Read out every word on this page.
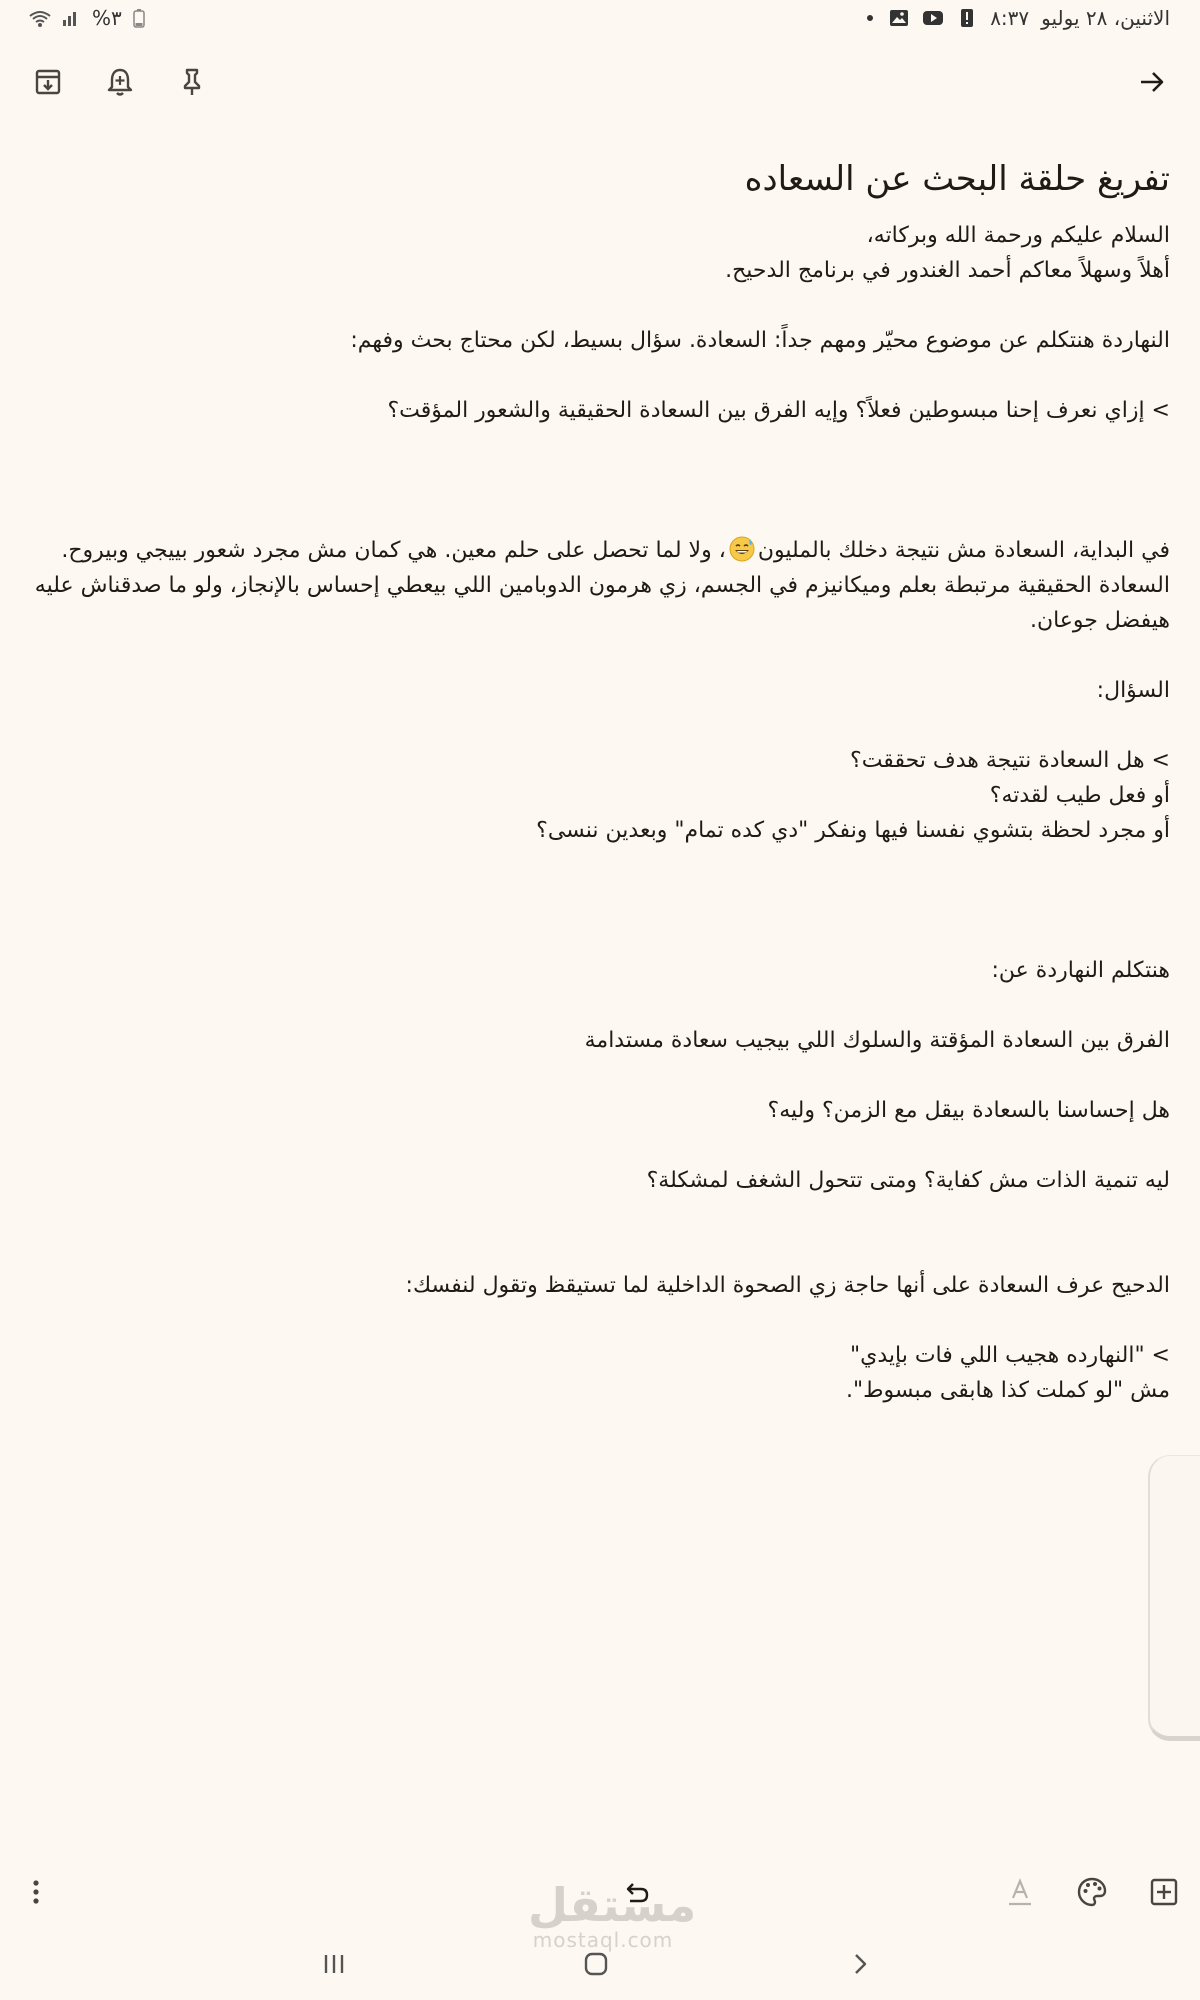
الاثنين، ٢٨ يوليو
٨:٣٧
%٣
تفريغ حلقة البحث عن السعاده

السلام عليكم ورحمة الله وبركاته،

أهلاً وسهلاً معاكم أحمد الغندور في برنامج الدحيح.

النهاردة هنتكلم عن موضوع محيّر ومهم جداً: السعادة. سؤال بسيط، لكن محتاج بحث وفهم:

> إزاي نعرف إحنا مبسوطين فعلاً؟ وإيه الفرق بين السعادة الحقيقية والشعور المؤقت؟

في البداية، السعادة مش نتيجة دخلك بالمليون، ولا لما تحصل على حلم معين. هي كمان مش مجرد شعور بييجي وبيروح. السعادة الحقيقية مرتبطة بعلم وميكانيزم في الجسم، زي هرمون الدوبامين اللي بيعطي إحساس بالإنجاز، ولو ما صدقناش عليه هيفضل جوعان.

السؤال:

> هل السعادة نتيجة هدف تحققت؟

أو فعل طيب لقدته؟

أو مجرد لحظة بتشوي نفسنا فيها ونفكر "دي كده تمام" وبعدين ننسى؟

هنتكلم النهاردة عن:

الفرق بين السعادة المؤقتة والسلوك اللي بيجيب سعادة مستدامة

هل إحساسنا بالسعادة بيقل مع الزمن؟ وليه؟

ليه تنمية الذات مش كفاية؟ ومتى تتحول الشغف لمشكلة؟

الدحيح عرف السعادة على أنها حاجة زي الصحوة الداخلية لما تستيقظ وتقول لنفسك:

> "النهارده هجيب اللي فات بإيدي"

مش "لو كملت كذا هابقى مبسوط".

مستقل
mostaql.com
